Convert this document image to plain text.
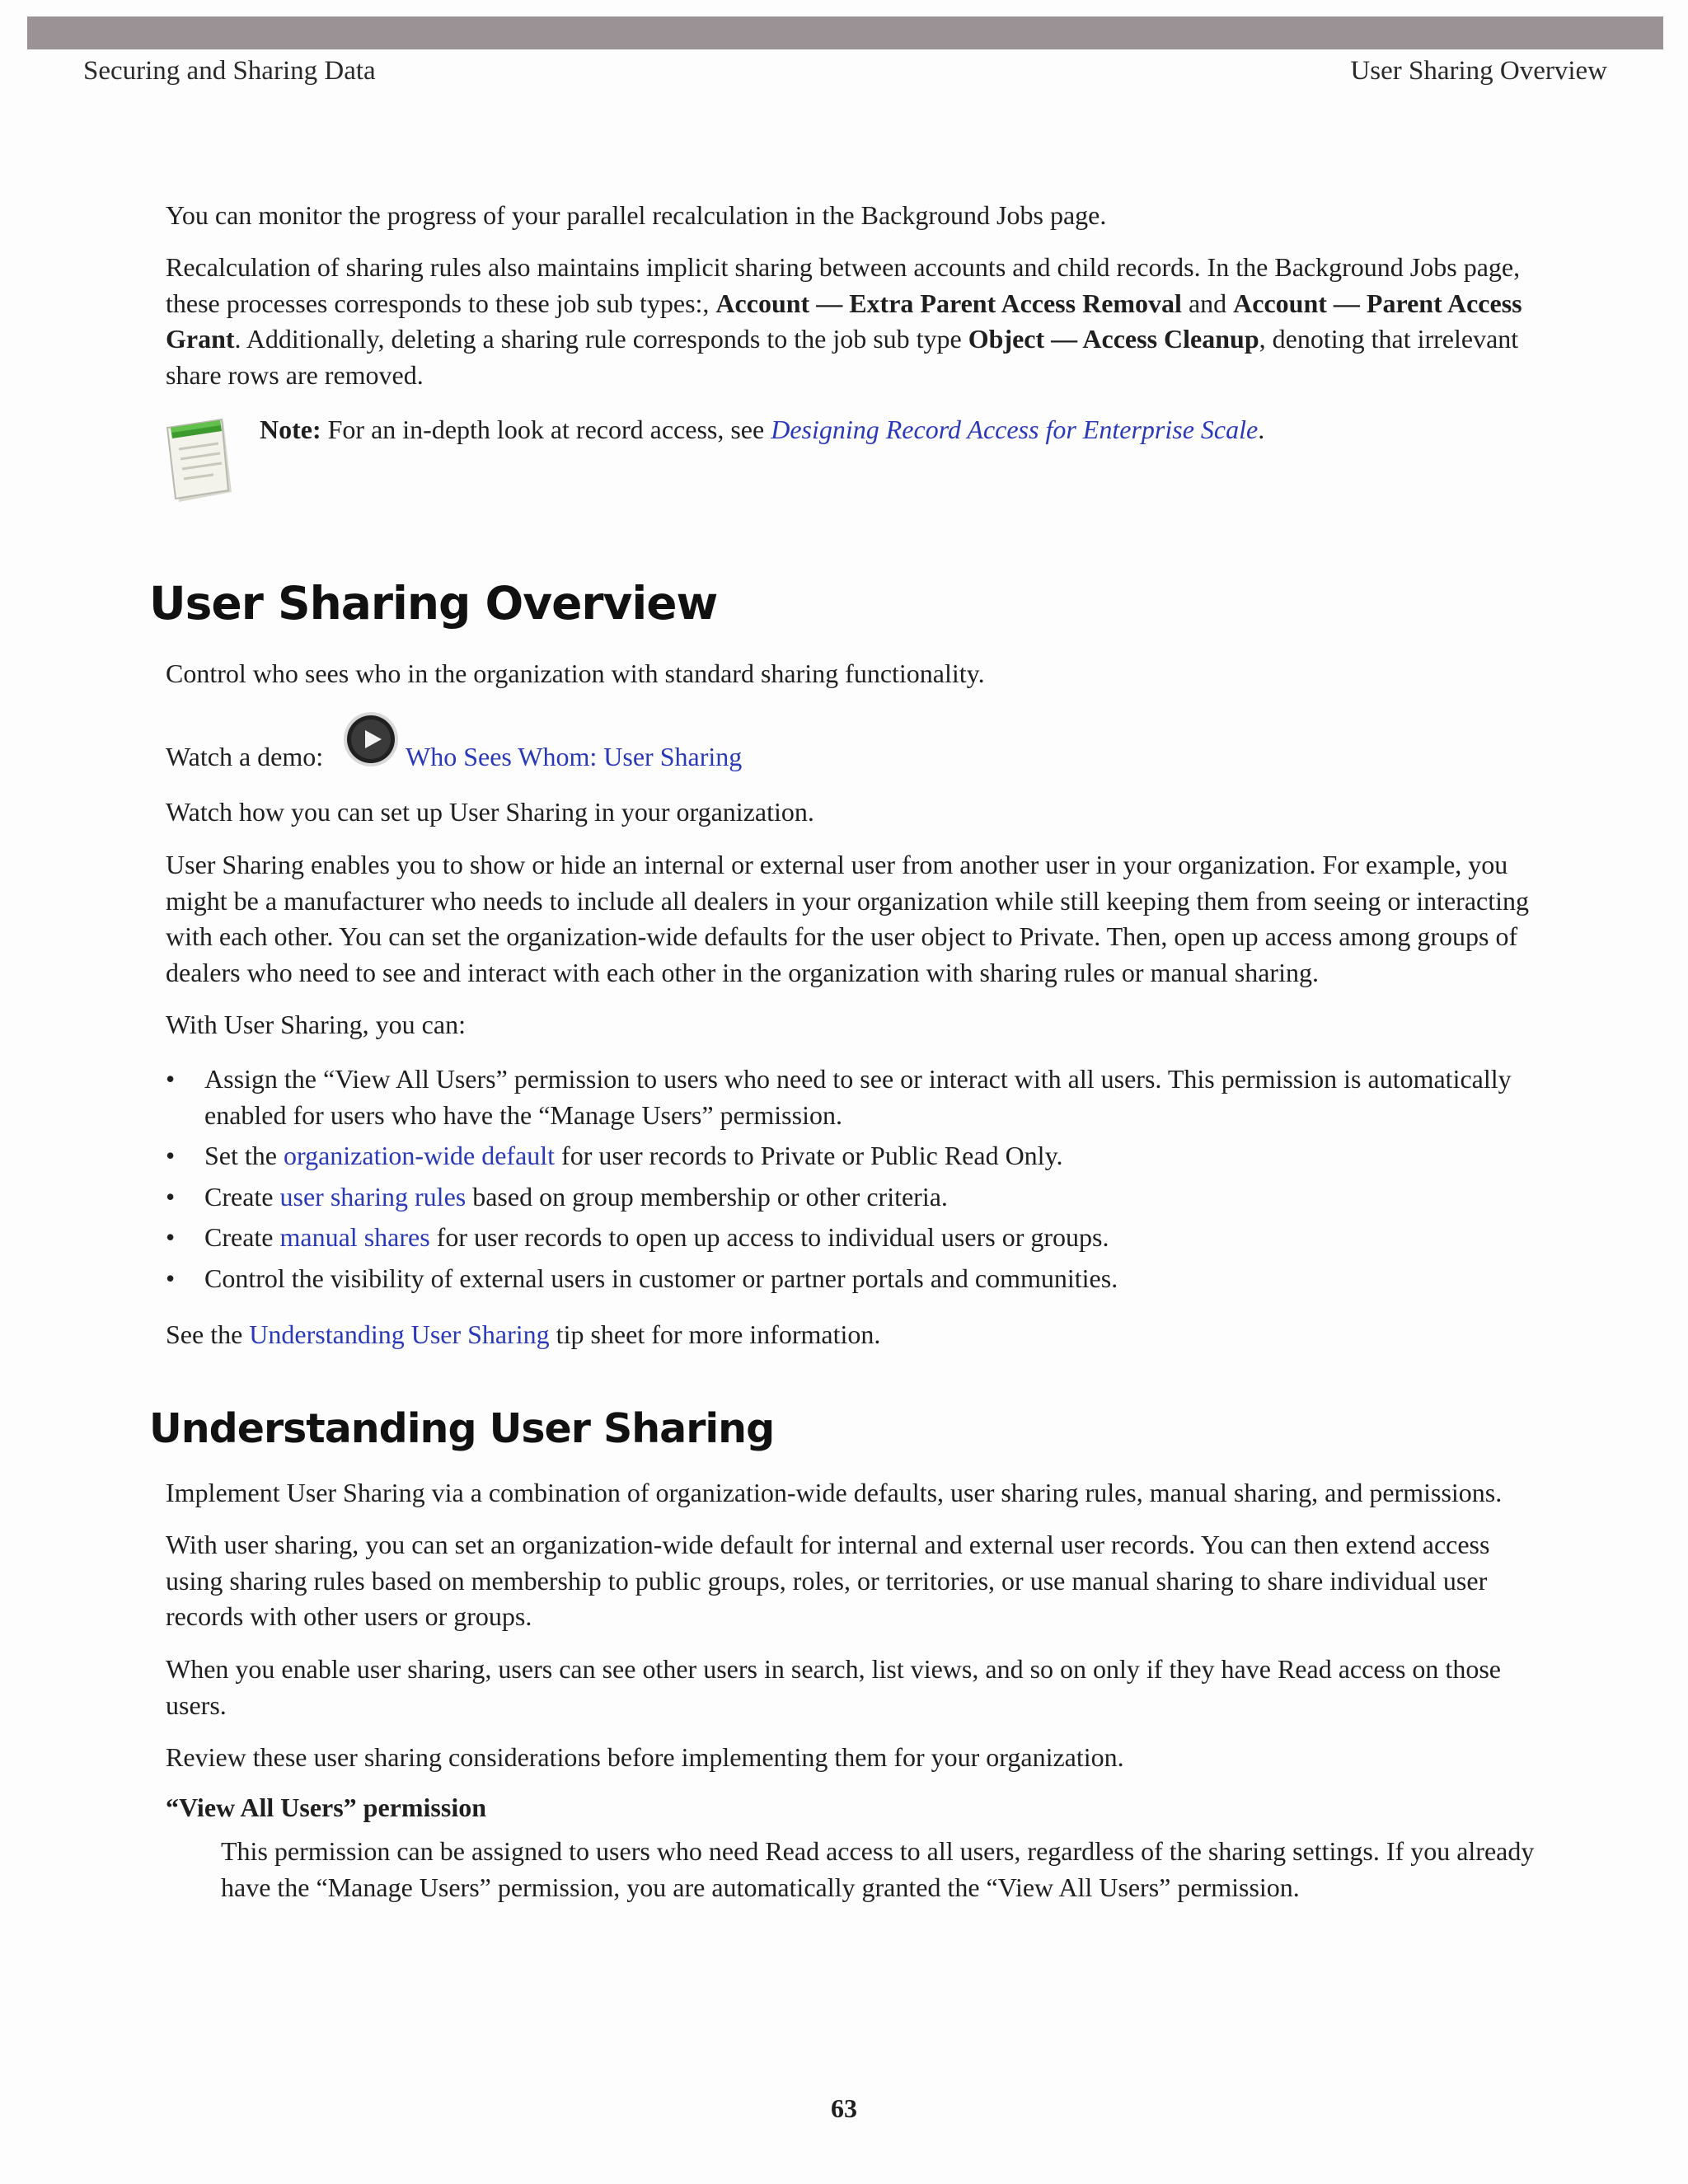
Securing and Sharing Data	User Sharing Overview

You can monitor the progress of your parallel recalculation in the Background Jobs page.

Recalculation of sharing rules also maintains implicit sharing between accounts and child records. In the Background Jobs page, these processes corresponds to these job sub types:, Account — Extra Parent Access Removal and Account — Parent Access Grant. Additionally, deleting a sharing rule corresponds to the job sub type Object — Access Cleanup, denoting that irrelevant share rows are removed.

Note: For an in-depth look at record access, see Designing Record Access for Enterprise Scale.
User Sharing Overview

Control who sees who in the organization with standard sharing functionality.

Watch a demo:	Who Sees Whom: User Sharing

Watch how you can set up User Sharing in your organization.

User Sharing enables you to show or hide an internal or external user from another user in your organization. For example, you might be a manufacturer who needs to include all dealers in your organization while still keeping them from seeing or interacting with each other. You can set the organization-wide defaults for the user object to Private. Then, open up access among groups of dealers who need to see and interact with each other in the organization with sharing rules or manual sharing.

With User Sharing, you can:

• Assign the “View All Users” permission to users who need to see or interact with all users. This permission is automatically enabled for users who have the “Manage Users” permission.
• Set the organization-wide default for user records to Private or Public Read Only.
• Create user sharing rules based on group membership or other criteria.
• Create manual shares for user records to open up access to individual users or groups.
• Control the visibility of external users in customer or partner portals and communities.

See the Understanding User Sharing tip sheet for more information.

Understanding User Sharing

Implement User Sharing via a combination of organization-wide defaults, user sharing rules, manual sharing, and permissions.

With user sharing, you can set an organization-wide default for internal and external user records. You can then extend access using sharing rules based on membership to public groups, roles, or territories, or use manual sharing to share individual user records with other users or groups.

When you enable user sharing, users can see other users in search, list views, and so on only if they have Read access on those users.

Review these user sharing considerations before implementing them for your organization.

“View All Users” permission

This permission can be assigned to users who need Read access to all users, regardless of the sharing settings. If you already have the “Manage Users” permission, you are automatically granted the “View All Users” permission.

63
